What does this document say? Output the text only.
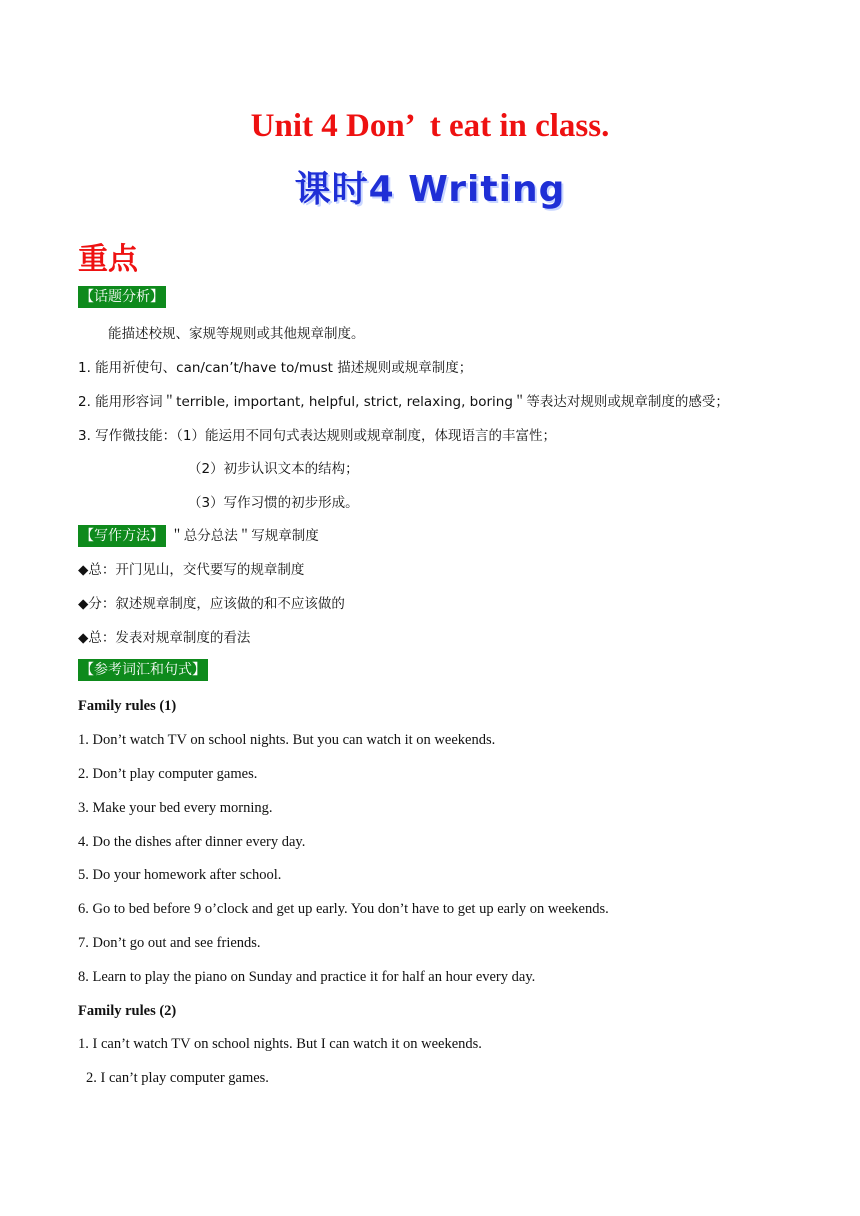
Unit 4 Don’  t eat in class.
课时4 Writing
重点
【话题分析】
能描述校规、家规等规则或其他规章制度。
1. 能用祈使句、can/can’t/have to/must 描述规则或规章制度；
2. 能用形容词＂terrible, important, helpful, strict, relaxing, boring＂等表达对规则或规章制度的感受；
3. 写作微技能：（1）能运用不同句式表达规则或规章制度，体现语言的丰富性；
（2）初步认识文本的结构；
（3）写作习惯的初步形成。
【写作方法】 ＂总分总法＂写规章制度
◆总：开门见山，交代要写的规章制度
◆分：叙述规章制度，应该做的和不应该做的
◆总：发表对规章制度的看法
【参考词汇和句式】
Family rules (1)
1. Don’t watch TV on school nights. But you can watch it on weekends.
2. Don’t play computer games.
3. Make your bed every morning.
4. Do the dishes after dinner every day.
5. Do your homework after school.
6. Go to bed before 9 o’clock and get up early. You don’t have to get up early on weekends.
7. Don’t go out and see friends.
8. Learn to play the piano on Sunday and practice it for half an hour every day.
Family rules (2)
1. I can’t watch TV on school nights. But I can watch it on weekends.
2. I can’t play computer games.
